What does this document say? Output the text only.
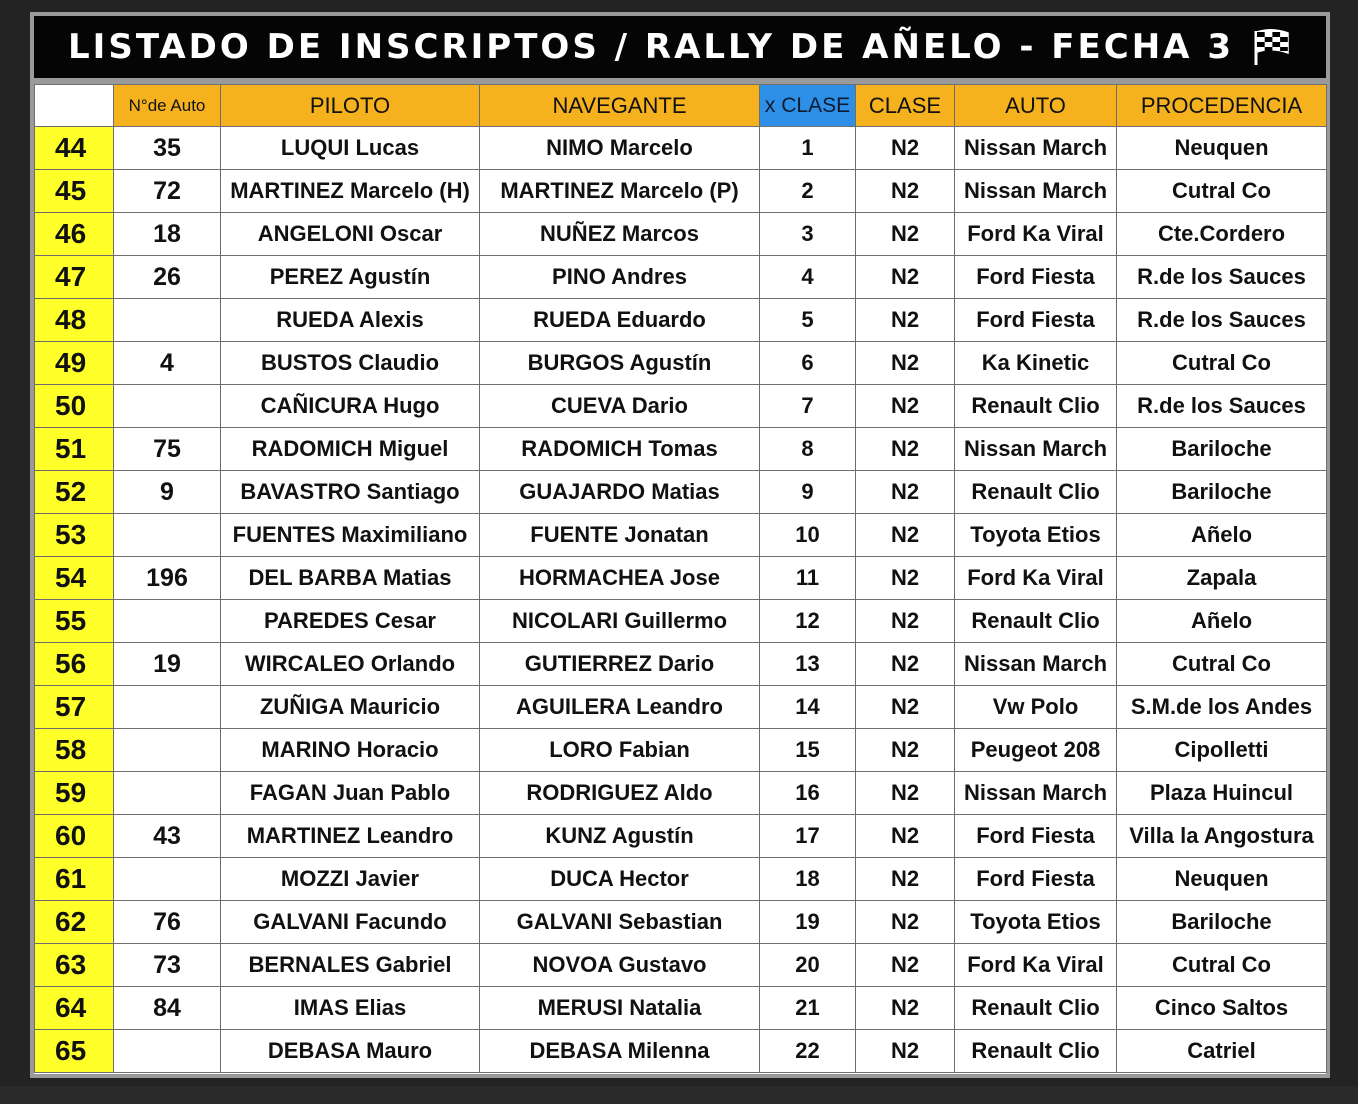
LISTADO DE INSCRIPTOS / RALLY DE AÑELO - FECHA 3
	N°de Auto	PILOTO	NAVEGANTE	x CLASE	CLASE	AUTO	PROCEDENCIA
44	35	LUQUI Lucas	NIMO Marcelo	1	N2	Nissan March	Neuquen
45	72	MARTINEZ Marcelo (H)	MARTINEZ Marcelo (P)	2	N2	Nissan March	Cutral Co
46	18	ANGELONI Oscar	NUÑEZ Marcos	3	N2	Ford Ka Viral	Cte.Cordero
47	26	PEREZ Agustín	PINO Andres	4	N2	Ford Fiesta	R.de los Sauces
48		RUEDA Alexis	RUEDA Eduardo	5	N2	Ford Fiesta	R.de los Sauces
49	4	BUSTOS Claudio	BURGOS Agustín	6	N2	Ka Kinetic	Cutral Co
50		CAÑICURA Hugo	CUEVA Dario	7	N2	Renault Clio	R.de los Sauces
51	75	RADOMICH Miguel	RADOMICH Tomas	8	N2	Nissan March	Bariloche
52	9	BAVASTRO Santiago	GUAJARDO Matias	9	N2	Renault Clio	Bariloche
53		FUENTES Maximiliano	FUENTE Jonatan	10	N2	Toyota Etios	Añelo
54	196	DEL BARBA Matias	HORMACHEA Jose	11	N2	Ford Ka Viral	Zapala
55		PAREDES Cesar	NICOLARI Guillermo	12	N2	Renault Clio	Añelo
56	19	WIRCALEO Orlando	GUTIERREZ Dario	13	N2	Nissan March	Cutral Co
57		ZUÑIGA Mauricio	AGUILERA Leandro	14	N2	Vw Polo	S.M.de los Andes
58		MARINO Horacio	LORO Fabian	15	N2	Peugeot 208	Cipolletti
59		FAGAN Juan Pablo	RODRIGUEZ Aldo	16	N2	Nissan March	Plaza Huincul
60	43	MARTINEZ Leandro	KUNZ Agustín	17	N2	Ford Fiesta	Villa la Angostura
61		MOZZI Javier	DUCA Hector	18	N2	Ford Fiesta	Neuquen
62	76	GALVANI Facundo	GALVANI Sebastian	19	N2	Toyota Etios	Bariloche
63	73	BERNALES Gabriel	NOVOA Gustavo	20	N2	Ford Ka Viral	Cutral Co
64	84	IMAS Elias	MERUSI Natalia	21	N2	Renault Clio	Cinco Saltos
65		DEBASA Mauro	DEBASA Milenna	22	N2	Renault Clio	Catriel
